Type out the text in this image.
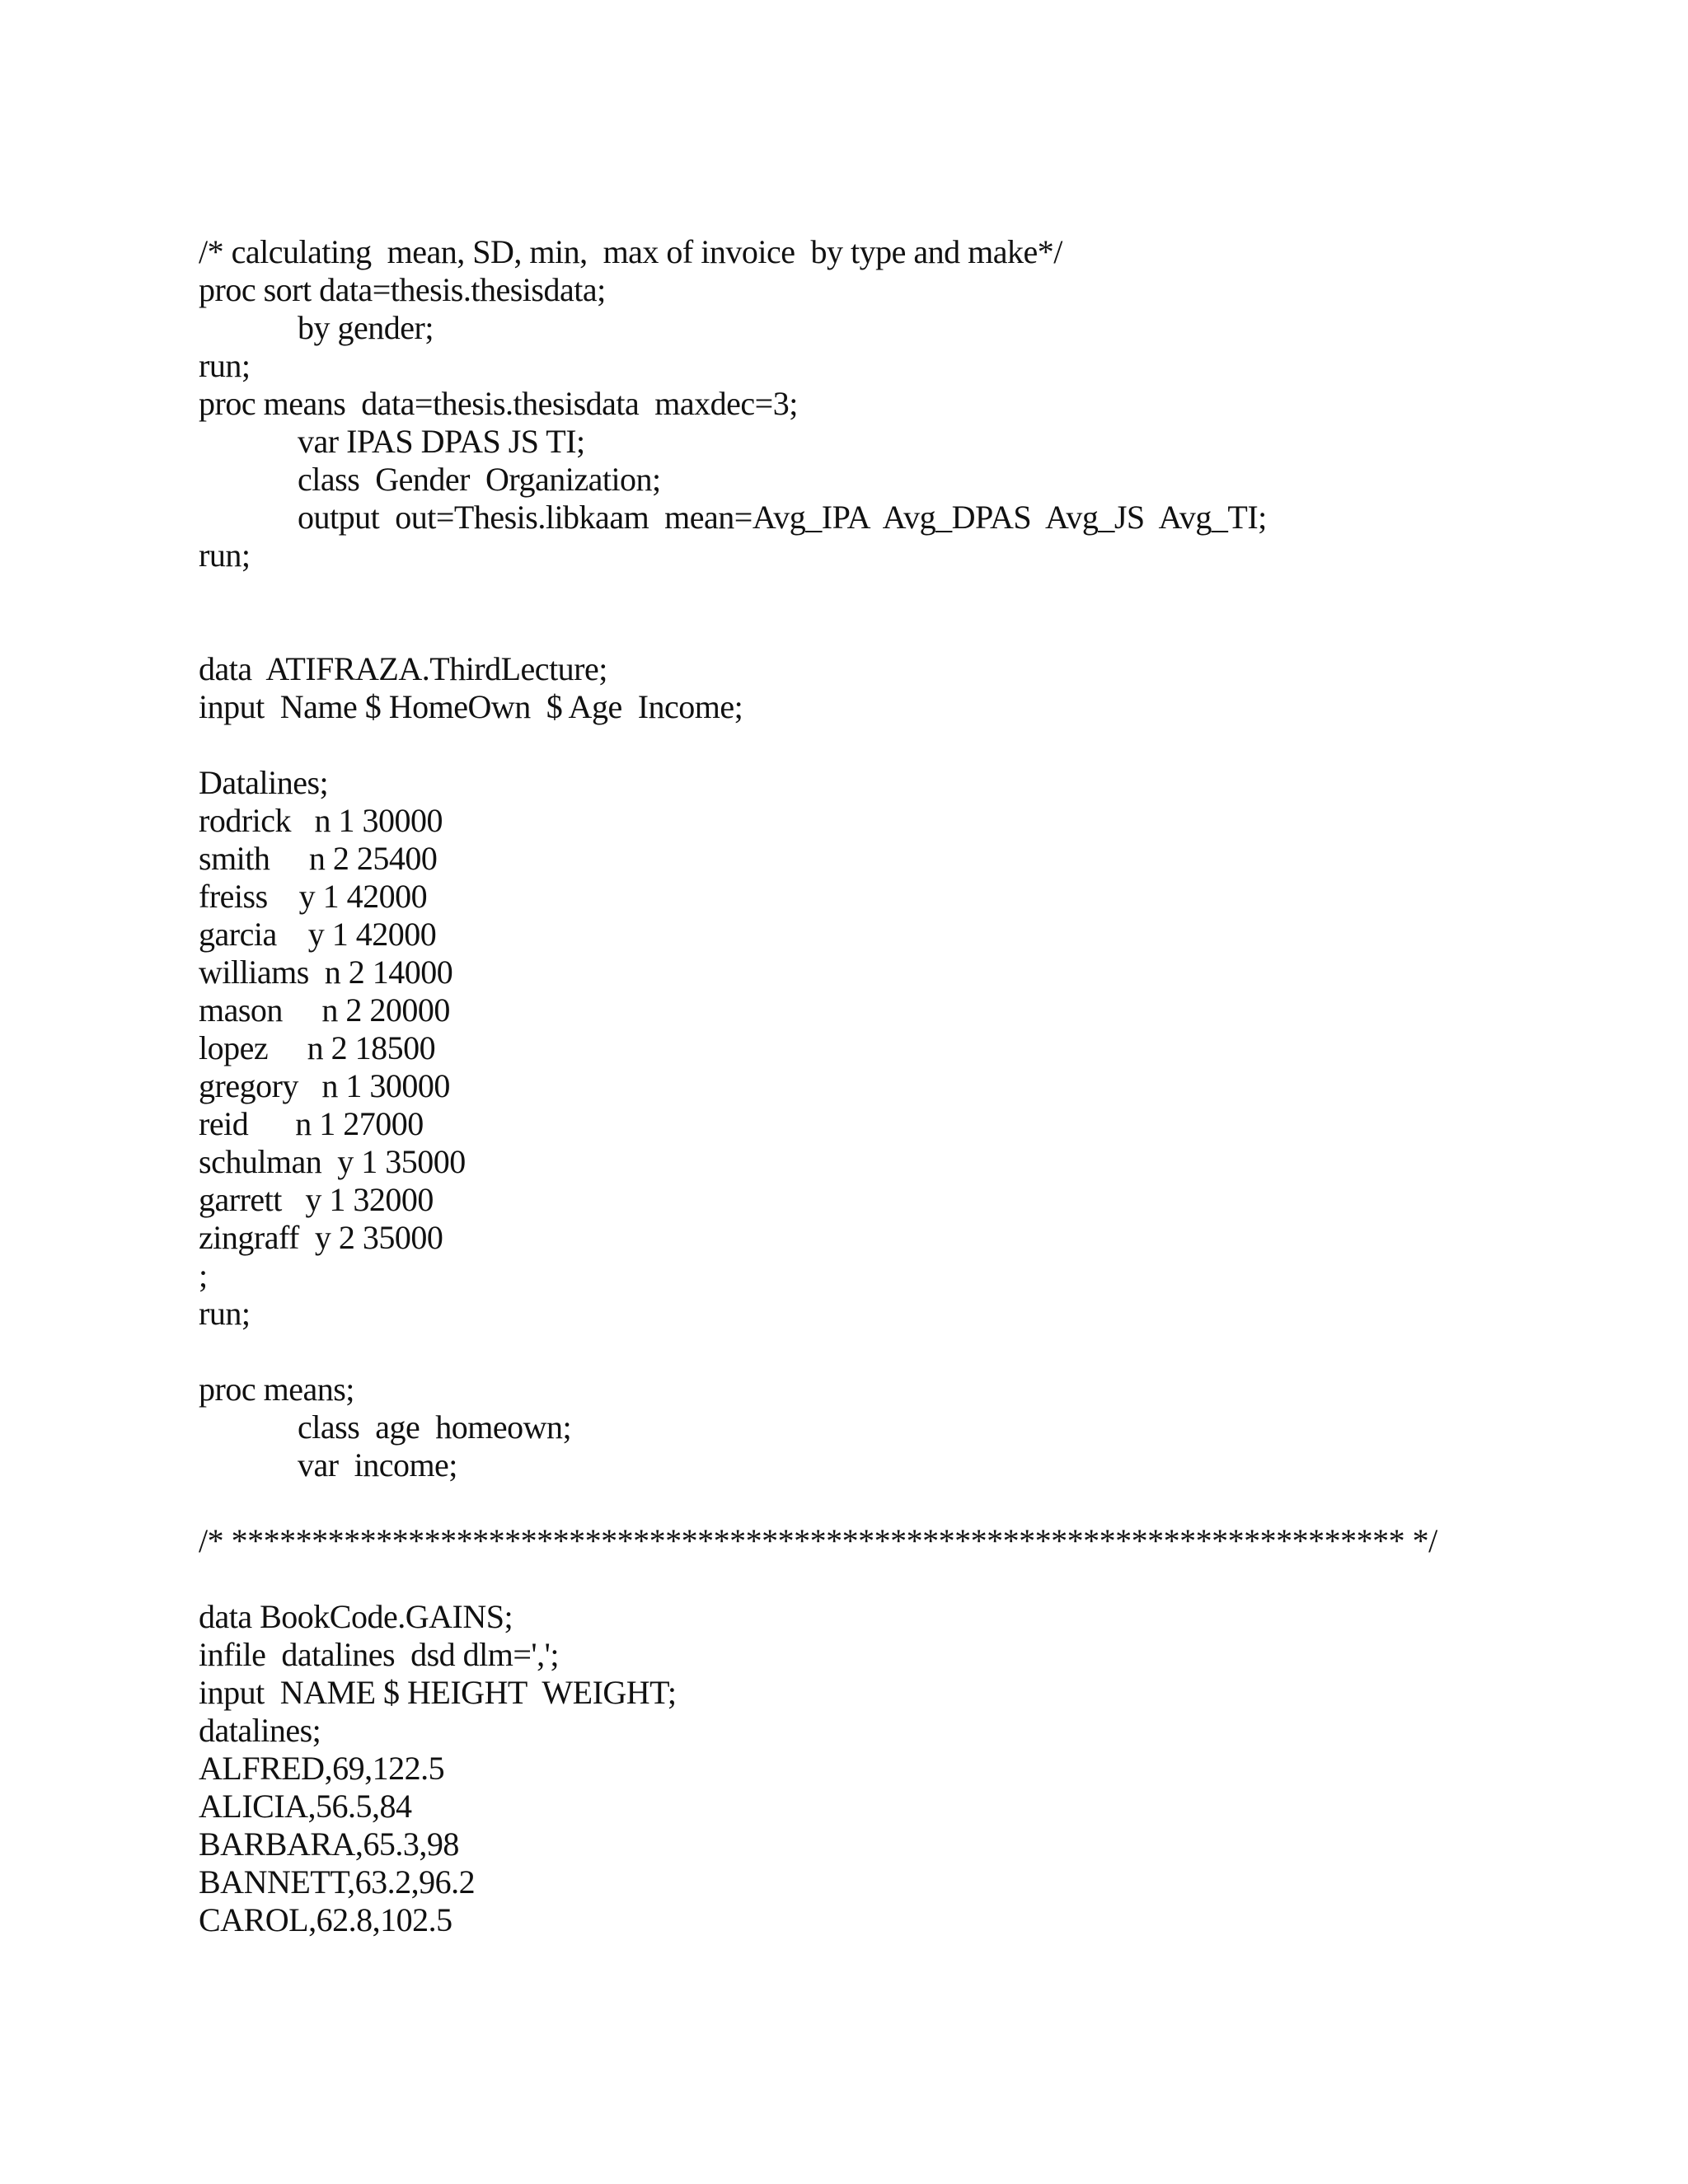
/* calculating  mean, SD, min,  max of invoice  by type and make*/
proc sort data=thesis.thesisdata;
by gender;
run;
proc means  data=thesis.thesisdata  maxdec=3;
var IPAS DPAS JS TI;
class  Gender  Organization;
output  out=Thesis.libkaam  mean=Avg_IPA  Avg_DPAS  Avg_JS  Avg_TI;
run;
data  ATIFRAZA.ThirdLecture;
input  Name $ HomeOwn  $ Age  Income;
Datalines;
rodrick   n 1 30000
smith     n 2 25400
freiss    y 1 42000
garcia    y 1 42000
williams  n 2 14000
mason     n 2 20000
lopez     n 2 18500
gregory   n 1 30000
reid      n 1 27000
schulman  y 1 35000
garrett   y 1 32000
zingraff  y 2 35000
;
run;
proc means;
class  age  homeown;
var  income;
/* ************************************************************************* */
data BookCode.GAINS;
infile  datalines  dsd dlm=',';
input  NAME $ HEIGHT  WEIGHT;
datalines;
ALFRED,69,122.5
ALICIA,56.5,84
BARBARA,65.3,98
BANNETT,63.2,96.2
CAROL,62.8,102.5
